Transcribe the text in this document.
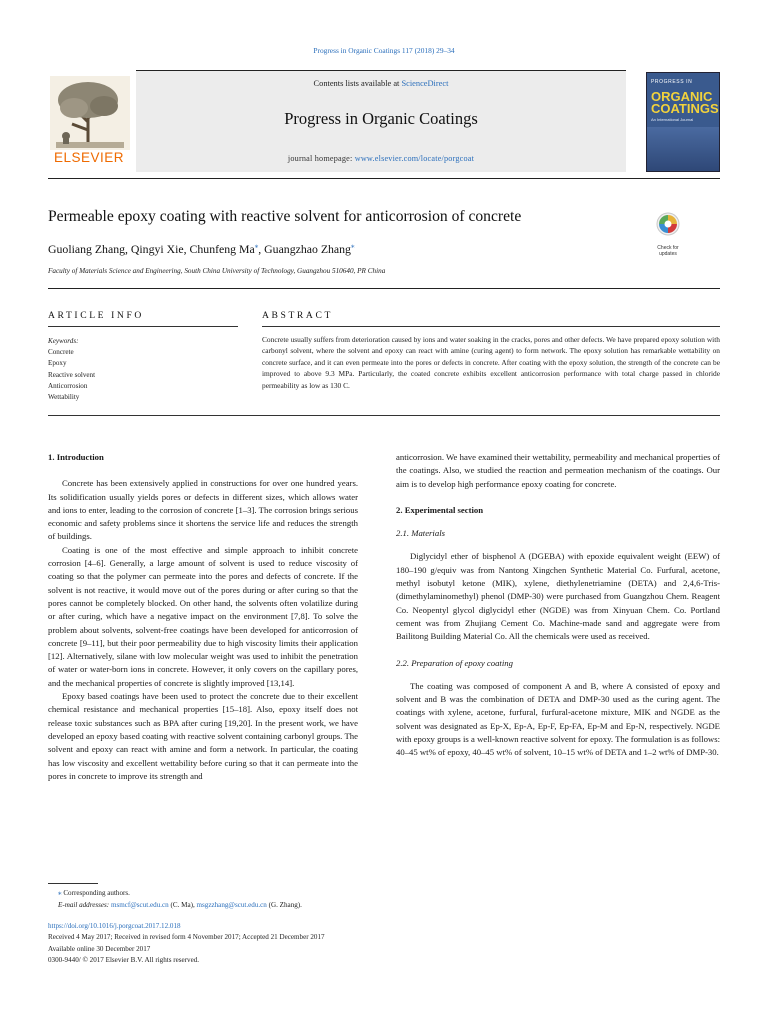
Progress in Organic Coatings 117 (2018) 29–34
ELSEVIER
Contents lists available at ScienceDirect
Progress in Organic Coatings
journal homepage: www.elsevier.com/locate/porgcoat
PROGRESS IN
ORGANIC
COATINGS
An International Journal
Permeable epoxy coating with reactive solvent for anticorrosion of concrete
Check for
updates
Guoliang Zhang, Qingyi Xie, Chunfeng Ma⁎, Guangzhao Zhang⁎
Faculty of Materials Science and Engineering, South China University of Technology, Guangzhou 510640, PR China
ARTICLE INFO	ABSTRACT
Keywords:
Concrete
Epoxy
Reactive solvent
Anticorrosion
Wettability
Concrete usually suffers from deterioration caused by ions and water soaking in the cracks, pores and other defects. We have prepared epoxy solution with carbonyl solvent, where the solvent and epoxy can react with amine (curing agent) to form network. The epoxy solution has remarkable wettability on concrete surface, and it can even permeate into the pores or defects in concrete. After coating with the epoxy solution, the strength of the concrete can be improved to above 9.3 MPa. Particularly, the coated concrete exhibits excellent anticorrosion performance with total charge passed in chloride permeability as low as 130 C.

1. Introduction

Concrete has been extensively applied in constructions for over one hundred years. Its solidification usually yields pores or defects in different sizes, which allows water and ions to enter, leading to the corrosion of concrete [1–3]. The corrosion brings serious economic and safety problems since it shortens the service life and reduces the strength of buildings.

Coating is one of the most effective and simple approach to inhibit concrete corrosion [4–6]. Generally, a large amount of solvent is used to reduce viscosity of coating so that the polymer can permeate into the pores and defects of concrete. If the solvent is not reactive, it would move out of the pores during or after curing so that the pores cannot be completely blocked. On other hand, the solvents often volatilize during or after curing, which have a negative impact on the environment [7,8]. To solve the problem about solvents, solvent-free coatings have been developed for anticorrosion of concrete [9–11], but their poor permeability due to high viscosity limits their application [12]. Alternatively, silane with low molecular weight was used to inhibit the penetration of water or water-born ions in concrete. However, it only covers on the capillary pores, and the mechanical properties of concrete is slightly improved [13,14].

Epoxy based coatings have been used to protect the concrete due to their excellent chemical resistance and mechanical properties [15–18]. Also, epoxy itself does not release toxic substances such as BPA after curing [19,20]. In the present work, we have developed an epoxy based coating with reactive solvent containing carbonyl groups. The solvent and epoxy can react with amine and form a network. In particular, the coating has low viscosity and excellent wettability before curing so that it can permeate into the pores in concrete to improve its strength and

anticorrosion. We have examined their wettability, permeability and mechanical properties of the coatings. Also, we studied the reaction and permeation mechanism of the coatings. Our aim is to develop high performance epoxy coating for concrete.

2. Experimental section

2.1. Materials

Diglycidyl ether of bisphenol A (DGEBA) with epoxide equivalent weight (EEW) of 180–190 g/equiv was from Nantong Xingchen Synthetic Material Co. Furfural, acetone, methyl isobutyl ketone (MIK), xylene, diethylenetriamine (DETA) and 2,4,6-Tris-(dimethylaminomethyl) phenol (DMP-30) were purchased from Guangzhou Chem. Reagent Co. Neopentyl glycol diglycidyl ether (NGDE) was from Xinyuan Chem. Co. Portland cement was from Zhujiang Cement Co. Machine-made sand and aggregate were from Bailitong Building Material Co. All the chemicals were used as received.

2.2. Preparation of epoxy coating

The coating was composed of component A and B, where A consisted of epoxy and solvent and B was the combination of DETA and DMP-30 used as the curing agent. The coatings with xylene, acetone, furfural, furfural-acetone mixture, MIK and NGDE as the solvent was designated as Ep-X, Ep-A, Ep-F, Ep-FA, Ep-M and Ep-N, respectively. NGDE with epoxy groups is a well-known reactive solvent for epoxy. The formulation is as follows: 40–45 wt% of epoxy, 40–45 wt% of solvent, 10–15 wt% of DETA and 1–2 wt% of DMP-30.

⁎ Corresponding authors.
E-mail addresses: msmcf@scut.edu.cn (C. Ma), msgzzhang@scut.edu.cn (G. Zhang).
https://doi.org/10.1016/j.porgcoat.2017.12.018
Received 4 May 2017; Received in revised form 4 November 2017; Accepted 21 December 2017
Available online 30 December 2017
0300-9440/ © 2017 Elsevier B.V. All rights reserved.
